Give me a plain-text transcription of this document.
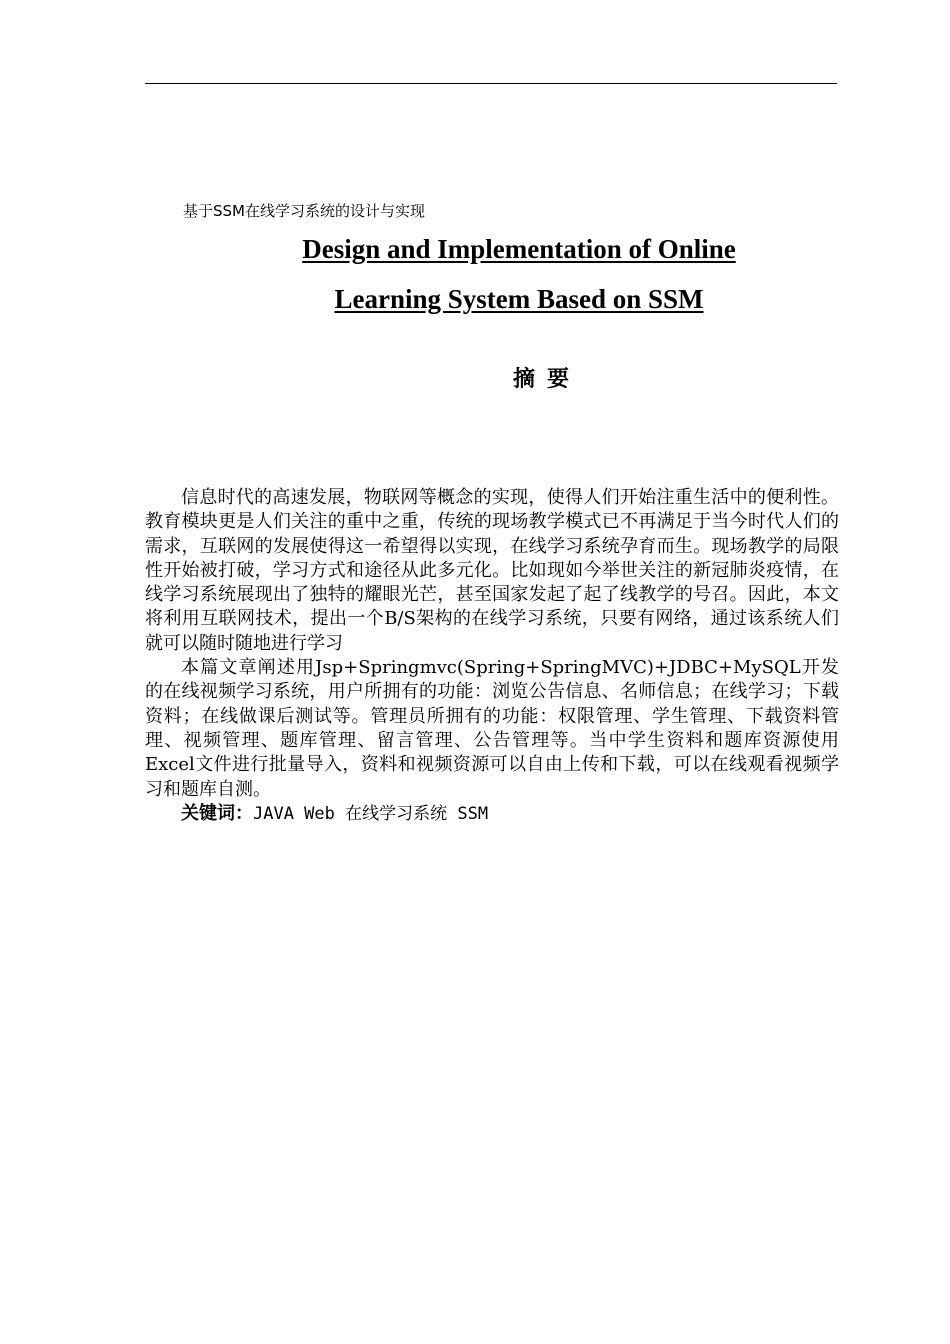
基于SSM在线学习系统的设计与实现
Design and Implementation of Online
Learning System Based on SSM
摘要

信息时代的高速发展，物联网等概念的实现，使得人们开始注重生活中的便利性。教育模块更是人们关注的重中之重，传统的现场教学模式已不再满足于当今时代人们的需求，互联网的发展使得这一希望得以实现，在线学习系统孕育而生。现场教学的局限性开始被打破，学习方式和途径从此多元化。比如现如今举世关注的新冠肺炎疫情，在线学习系统展现出了独特的耀眼光芒，甚至国家发起了起了线教学的号召。因此，本文将利用互联网技术，提出一个B/S架构的在线学习系统，只要有网络，通过该系统人们就可以随时随地进行学习

本篇文章阐述用Jsp+Springmvc(Spring+SpringMVC)+JDBC+MySQL开发的在线视频学习系统，用户所拥有的功能：浏览公告信息、名师信息；在线学习；下载资料；在线做课后测试等。管理员所拥有的功能：权限管理、学生管理、下载资料管理、视频管理、题库管理、留言管理、公告管理等。当中学生资料和题库资源使用Excel文件进行批量导入，资料和视频资源可以自由上传和下载，可以在线观看视频学习和题库自测。

关键词：JAVA Web 在线学习系统 SSM
